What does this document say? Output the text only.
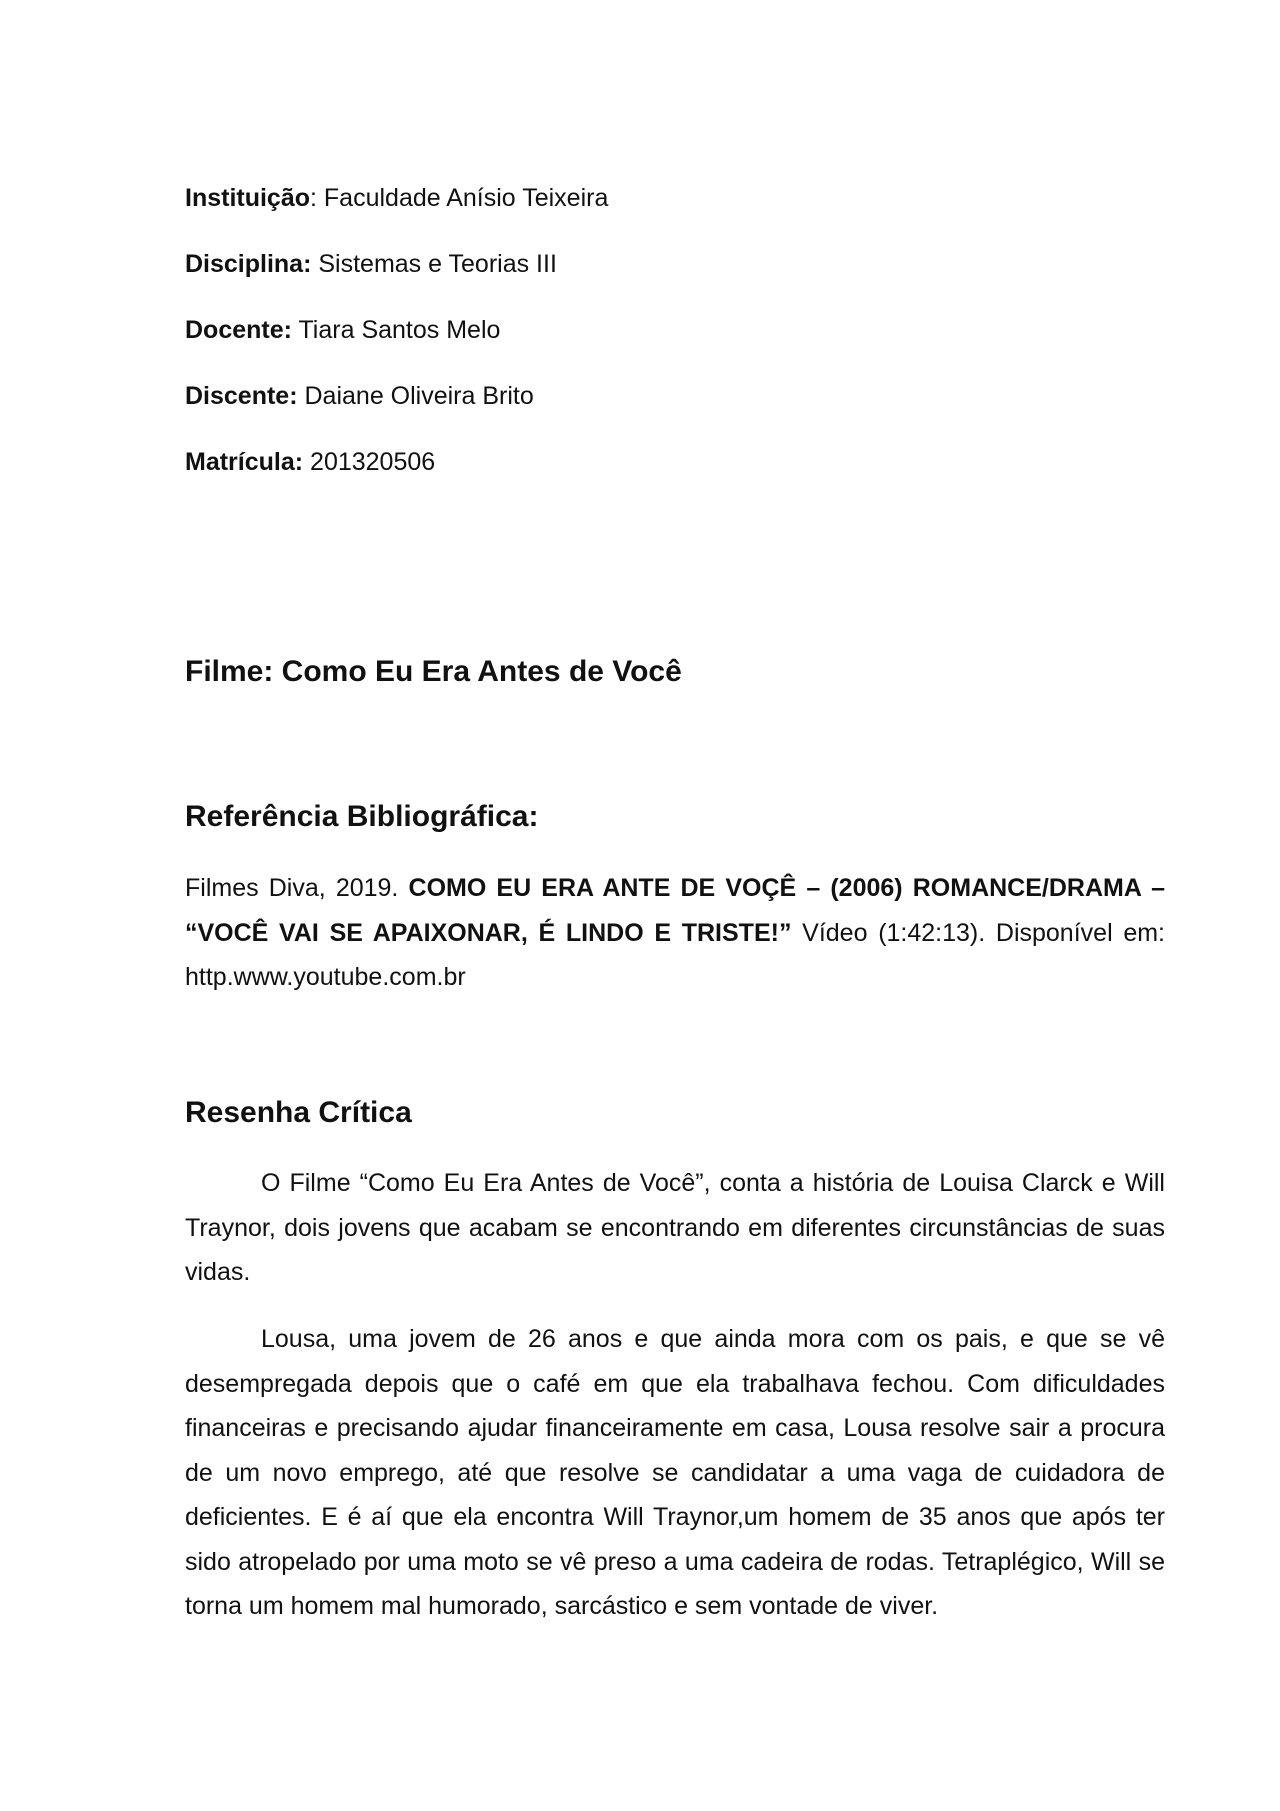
Instituição: Faculdade Anísio Teixeira
Disciplina: Sistemas e Teorias III
Docente: Tiara Santos Melo
Discente: Daiane Oliveira Brito
Matrícula: 201320506
Filme: Como Eu Era Antes de Você
Referência Bibliográfica:
Filmes Diva, 2019. COMO EU ERA ANTE DE VOÇÊ – (2006) ROMANCE/DRAMA – “VOCÊ VAI SE APAIXONAR, É LINDO E TRISTE!” Vídeo (1:42:13). Disponível em: http.www.youtube.com.br
Resenha Crítica
O Filme “Como Eu Era Antes de Você”, conta a história de Louisa Clarck e Will Traynor, dois jovens que acabam se encontrando em diferentes circunstâncias de suas vidas.
Lousa, uma jovem de 26 anos e que ainda mora com os pais, e que se vê desempregada depois que o café em que ela trabalhava fechou. Com dificuldades financeiras e precisando ajudar financeiramente em casa, Lousa resolve sair a procura de um novo emprego, até que resolve se candidatar a uma vaga de cuidadora de deficientes. E é aí que ela encontra Will Traynor,um homem de 35 anos que após ter sido atropelado por uma moto se vê preso a uma cadeira de rodas. Tetraplégico, Will se torna um homem mal humorado, sarcástico e sem vontade de viver.
